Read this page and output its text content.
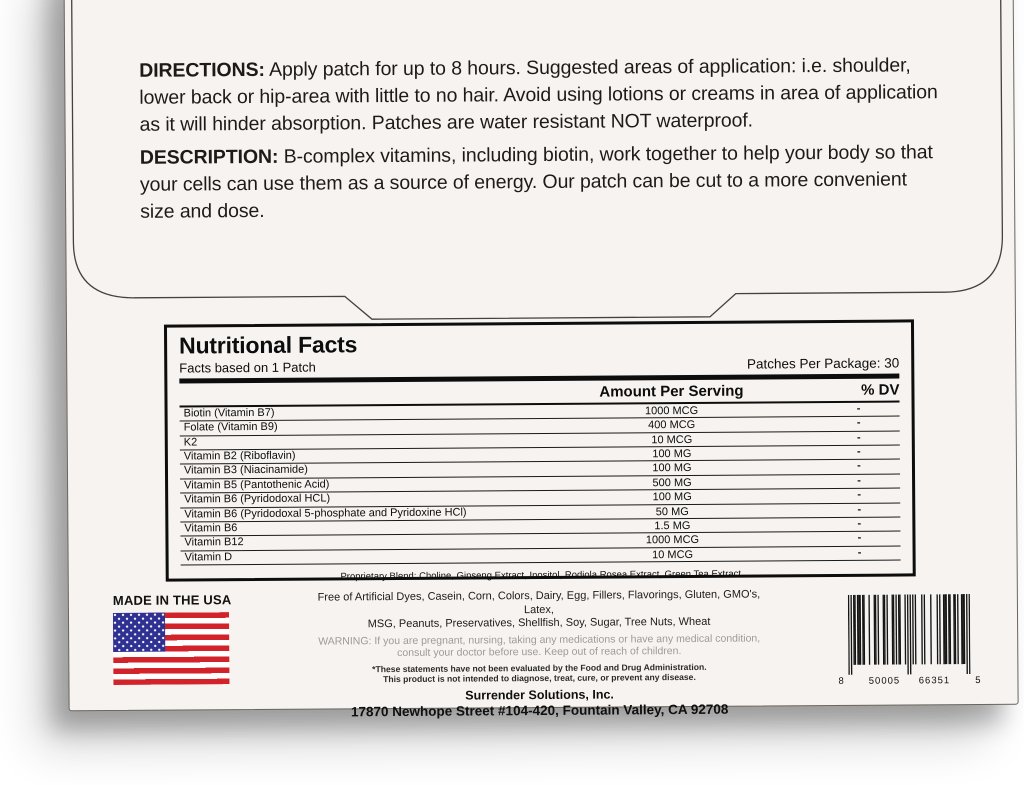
DIRECTIONS: Apply patch for up to 8 hours. Suggested areas of application: i.e. shoulder, lower back or hip-area with little to no hair. Avoid using lotions or creams in area of application as it will hinder absorption. Patches are water resistant NOT waterproof.

DESCRIPTION: B-complex vitamins, including biotin, work together to help your body so that your cells can use them as a source of energy. Our patch can be cut to a more convenient size and dose.

Nutritional Facts
Facts based on 1 Patch	Patches Per Package: 30
Amount Per Serving	% DV
Biotin (Vitamin B7)	1000 MCG	-
Folate (Vitamin B9)	400 MCG	-
K2	10 MCG	-
Vitamin B2 (Riboflavin)	100 MG	-
Vitamin B3 (Niacinamide)	100 MG	-
Vitamin B5 (Pantothenic Acid)	500 MG	-
Vitamin B6 (Pyridodoxal HCL)	100 MG	-
Vitamin B6 (Pyridodoxal 5-phosphate and Pyridoxine HCl)	50 MG	-
Vitamin B6	1.5 MG	-
Vitamin B12	1000 MCG	-
Vitamin D	10 MCG	-
Proprietary Blend: Choline, Ginseng Extract, Inositol, Rodiola Rosea Extract, Green Tea Extract
MADE IN THE USA	Free of Artificial Dyes, Casein, Corn, Colors, Dairy, Egg, Fillers, Flavorings, Gluten, GMO's, Latex,
MSG, Peanuts, Preservatives, Shellfish, Soy, Sugar, Tree Nuts, Wheat
WARNING: If you are pregnant, nursing, taking any medications or have any medical condition, consult your doctor before use. Keep out of reach of children.
*These statements have not been evaluated by the Food and Drug Administration.
This product is not intended to diagnose, treat, cure, or prevent any disease.
Surrender Solutions, Inc.
17870 Newhope Street #104-420, Fountain Valley, CA 92708
8	50005	66351	5
